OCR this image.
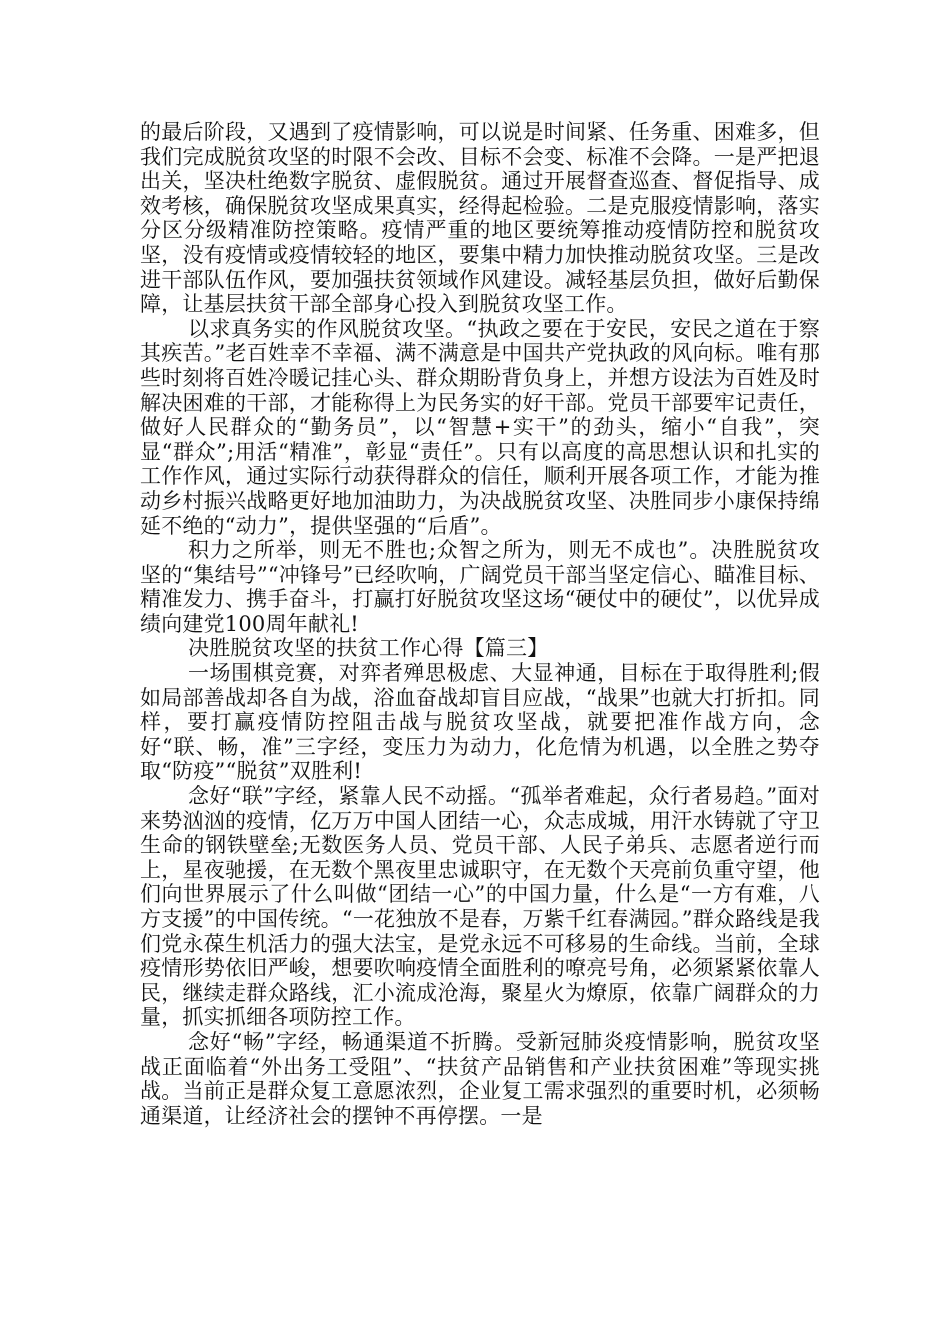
的最后阶段，又遇到了疫情影响，可以说是时间紧、任务重、困难多，但我们完成脱贫攻坚的时限不会改、目标不会变、标准不会降。一是严把退出关，坚决杜绝数字脱贫、虚假脱贫。通过开展督查巡查、督促指导、成效考核，确保脱贫攻坚成果真实，经得起检验。二是克服疫情影响，落实分区分级精准防控策略。疫情严重的地区要统筹推动疫情防控和脱贫攻坚，没有疫情或疫情较轻的地区，要集中精力加快推动脱贫攻坚。三是改进干部队伍作风，要加强扶贫领域作风建设。减轻基层负担，做好后勤保障，让基层扶贫干部全部身心投入到脱贫攻坚工作。

以求真务实的作风脱贫攻坚。“执政之要在于安民，安民之道在于察其疾苦。”老百姓幸不幸福、满不满意是中国共产党执政的风向标。唯有那些时刻将百姓冷暖记挂心头、群众期盼背负身上，并想方设法为百姓及时解决困难的干部，才能称得上为民务实的好干部。党员干部要牢记责任，做好人民群众的“勤务员”，以“智慧+实干”的劲头，缩小“自我”，突显“群众”;用活“精准”，彰显“责任”。只有以高度的高思想认识和扎实的工作作风，通过实际行动获得群众的信任，顺利开展各项工作，才能为推动乡村振兴战略更好地加油助力，为决战脱贫攻坚、决胜同步小康保持绵延不绝的“动力”，提供坚强的“后盾”。

积力之所举，则无不胜也;众智之所为，则无不成也”。决胜脱贫攻坚的“集结号”“冲锋号”已经吹响，广阔党员干部当坚定信心、瞄准目标、精准发力、携手奋斗，打赢打好脱贫攻坚这场“硬仗中的硬仗”，以优异成绩向建党100周年献礼!

决胜脱贫攻坚的扶贫工作心得【篇三】

一场围棋竞赛，对弈者殚思极虑、大显神通，目标在于取得胜利;假如局部善战却各自为战，浴血奋战却盲目应战，“战果”也就大打折扣。同样，要打赢疫情防控阻击战与脱贫攻坚战，就要把准作战方向，念好“联、畅，准”三字经，变压力为动力，化危情为机遇，以全胜之势夺取“防疫”“脱贫”双胜利!

念好“联”字经，紧靠人民不动摇。“孤举者难起，众行者易趋。”面对来势汹汹的疫情，亿万万中国人团结一心，众志成城，用汗水铸就了守卫生命的钢铁壁垒;无数医务人员、党员干部、人民子弟兵、志愿者逆行而上，星夜驰援，在无数个黑夜里忠诚职守，在无数个天亮前负重守望，他们向世界展示了什么叫做“团结一心”的中国力量，什么是“一方有难，八方支援”的中国传统。“一花独放不是春，万紫千红春满园。”群众路线是我们党永葆生机活力的强大法宝，是党永远不可移易的生命线。当前，全球疫情形势依旧严峻，想要吹响疫情全面胜利的嘹亮号角，必须紧紧依靠人民，继续走群众路线，汇小流成沧海，聚星火为燎原，依靠广阔群众的力量，抓实抓细各项防控工作。

念好“畅”字经，畅通渠道不折腾。受新冠肺炎疫情影响，脱贫攻坚战正面临着“外出务工受阻”、“扶贫产品销售和产业扶贫困难”等现实挑战。当前正是群众复工意愿浓烈，企业复工需求强烈的重要时机，必须畅通渠道，让经济社会的摆钟不再停摆。一是
